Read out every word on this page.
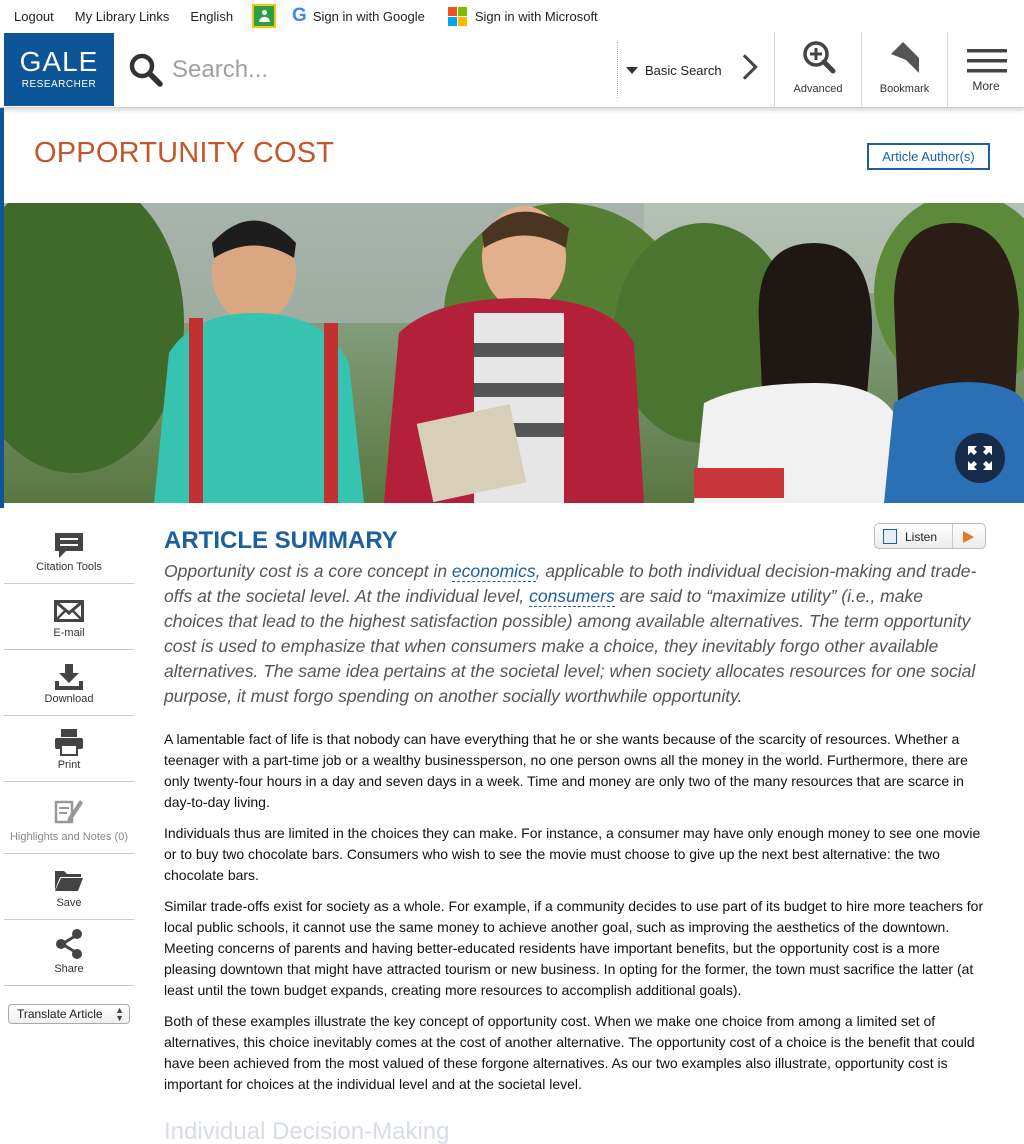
Logout	My Library Links	English	G Sign in with Google	Sign in with Microsoft
GALE
RESEARCHER
Search...
Basic Search
Advanced	Bookmark	More
OPPORTUNITY COST	Article Author(s)
Citation Tools
E-mail
Download
Print
Highlights and Notes (0)
Save
Share
Translate Article ▲
▼
ARTICLE SUMMARY	Listen
Opportunity cost is a core concept in economics, applicable to both individual decision-making and trade-offs at the societal level. At the individual level, consumers are said to “maximize utility” (i.e., make choices that lead to the highest satisfaction possible) among available alternatives. The term opportunity cost is used to emphasize that when consumers make a choice, they inevitably forgo other available alternatives. The same idea pertains at the societal level; when society allocates resources for one social purpose, it must forgo spending on another socially worthwhile opportunity.

A lamentable fact of life is that nobody can have everything that he or she wants because of the scarcity of resources. Whether a teenager with a part-time job or a wealthy businessperson, no one person owns all the money in the world. Furthermore, there are only twenty-four hours in a day and seven days in a week. Time and money are only two of the many resources that are scarce in day-to-day living.

Individuals thus are limited in the choices they can make. For instance, a consumer may have only enough money to see one movie or to buy two chocolate bars. Consumers who wish to see the movie must choose to give up the next best alternative: the two chocolate bars.

Similar trade-offs exist for society as a whole. For example, if a community decides to use part of its budget to hire more teachers for local public schools, it cannot use the same money to achieve another goal, such as improving the aesthetics of the downtown. Meeting concerns of parents and having better-educated residents have important benefits, but the opportunity cost is a more pleasing downtown that might have attracted tourism or new business. In opting for the former, the town must sacrifice the latter (at least until the town budget expands, creating more resources to accomplish additional goals).

Both of these examples illustrate the key concept of opportunity cost. When we make one choice from among a limited set of alternatives, this choice inevitably comes at the cost of another alternative. The opportunity cost of a choice is the benefit that could have been achieved from the most valued of these forgone alternatives. As our two examples also illustrate, opportunity cost is important for choices at the individual level and at the societal level.

Individual Decision-Making
